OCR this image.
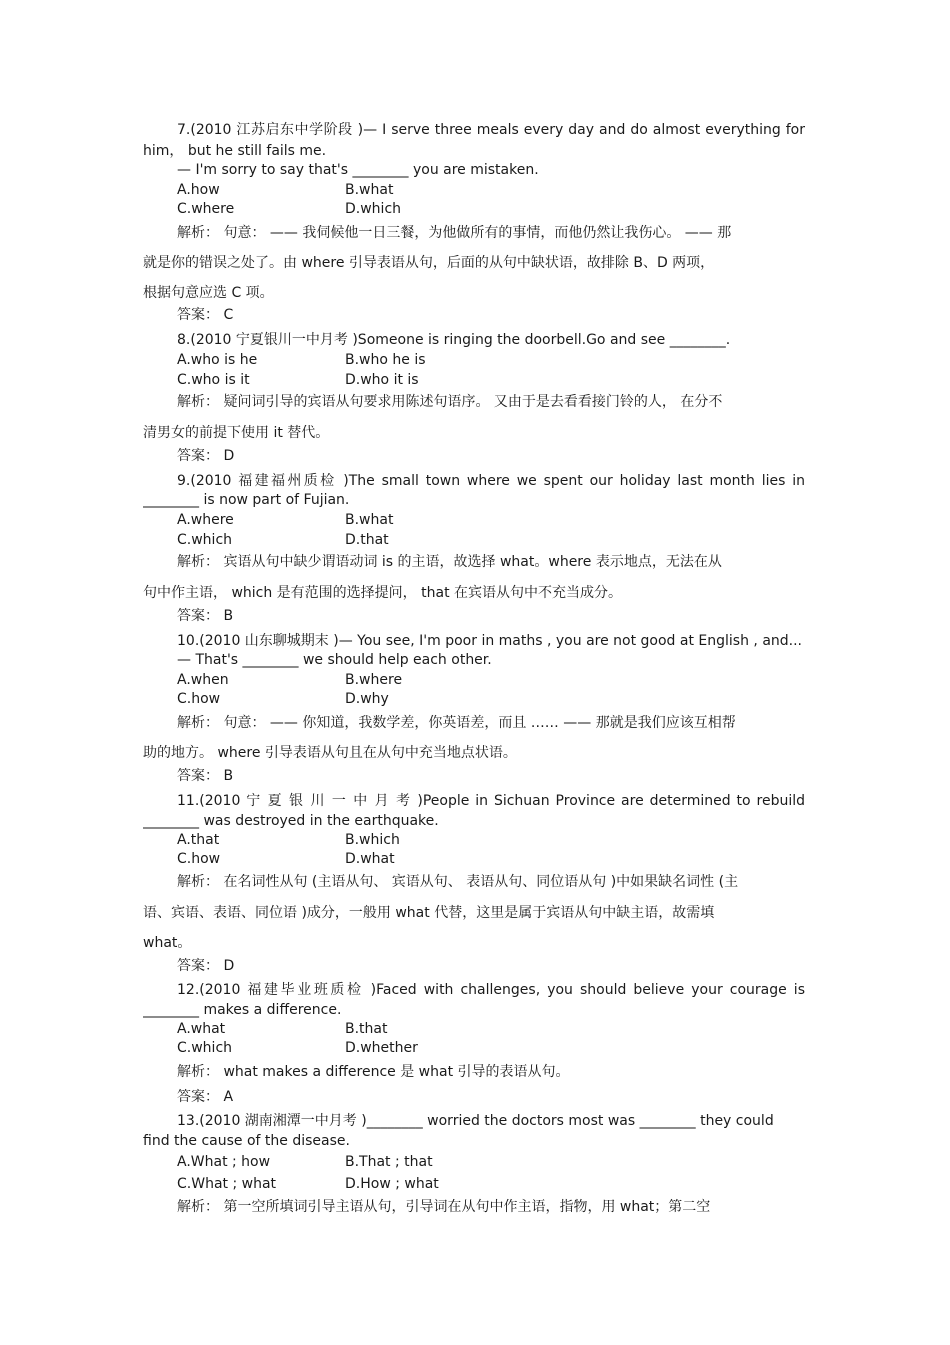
7.(2010 江苏启东中学阶段 )— I serve three meals every day and do almost everything for
him， but he still fails me.
— I'm sorry to say that's ________ you are mistaken.
A.how	B.what
C.where	D.which
解析： 句意： —— 我伺候他一日三餐，为他做所有的事情，而他仍然让我伤心。 —— 那
就是你的错误之处了。由 where 引导表语从句，后面的从句中缺状语，故排除 B、D 两项，
根据句意应选 C 项。
答案： C
8.(2010 宁夏银川一中月考 )Someone is ringing the doorbell.Go and see ________.
A.who is he	B.who he is
C.who is it	D.who it is
解析： 疑问词引导的宾语从句要求用陈述句语序。 又由于是去看看接门铃的人， 在分不
清男女的前提下使用 it 替代。
答案： D
9.(2010 福建福州质检 )The small town where we spent our holiday last month lies in
________ is now part of Fujian.
A.where	B.what
C.which	D.that
解析： 宾语从句中缺少谓语动词 is 的主语，故选择 what。where 表示地点，无法在从
句中作主语， which 是有范围的选择提问， that 在宾语从句中不充当成分。
答案： B
10.(2010 山东聊城期末 )— You see, I'm poor in maths , you are not good at English , and...
— That's ________ we should help each other.
A.when	B.where
C.how	D.why
解析： 句意： —— 你知道，我数学差，你英语差，而且 …… —— 那就是我们应该互相帮
助的地方。 where 引导表语从句且在从句中充当地点状语。
答案： B
11.(2010 宁 夏 银 川 一 中 月 考 )People in Sichuan Province are determined to rebuild
________ was destroyed in the earthquake.
A.that	B.which
C.how	D.what
解析： 在名词性从句 (主语从句、 宾语从句、 表语从句、同位语从句 )中如果缺名词性 (主
语、宾语、表语、同位语 )成分，一般用 what 代替，这里是属于宾语从句中缺主语，故需填
what。
答案： D
12.(2010 福建毕业班质检 )Faced with challenges, you should believe your courage is
________ makes a difference.
A.what	B.that
C.which	D.whether
解析： what makes a difference 是 what 引导的表语从句。
答案： A
13.(2010 湖南湘潭一中月考 )________ worried the doctors most was ________ they could
find the cause of the disease.
A.What ; how	B.That ; that
C.What ; what	D.How ; what
解析： 第一空所填词引导主语从句，引导词在从句中作主语，指物，用 what；第二空
